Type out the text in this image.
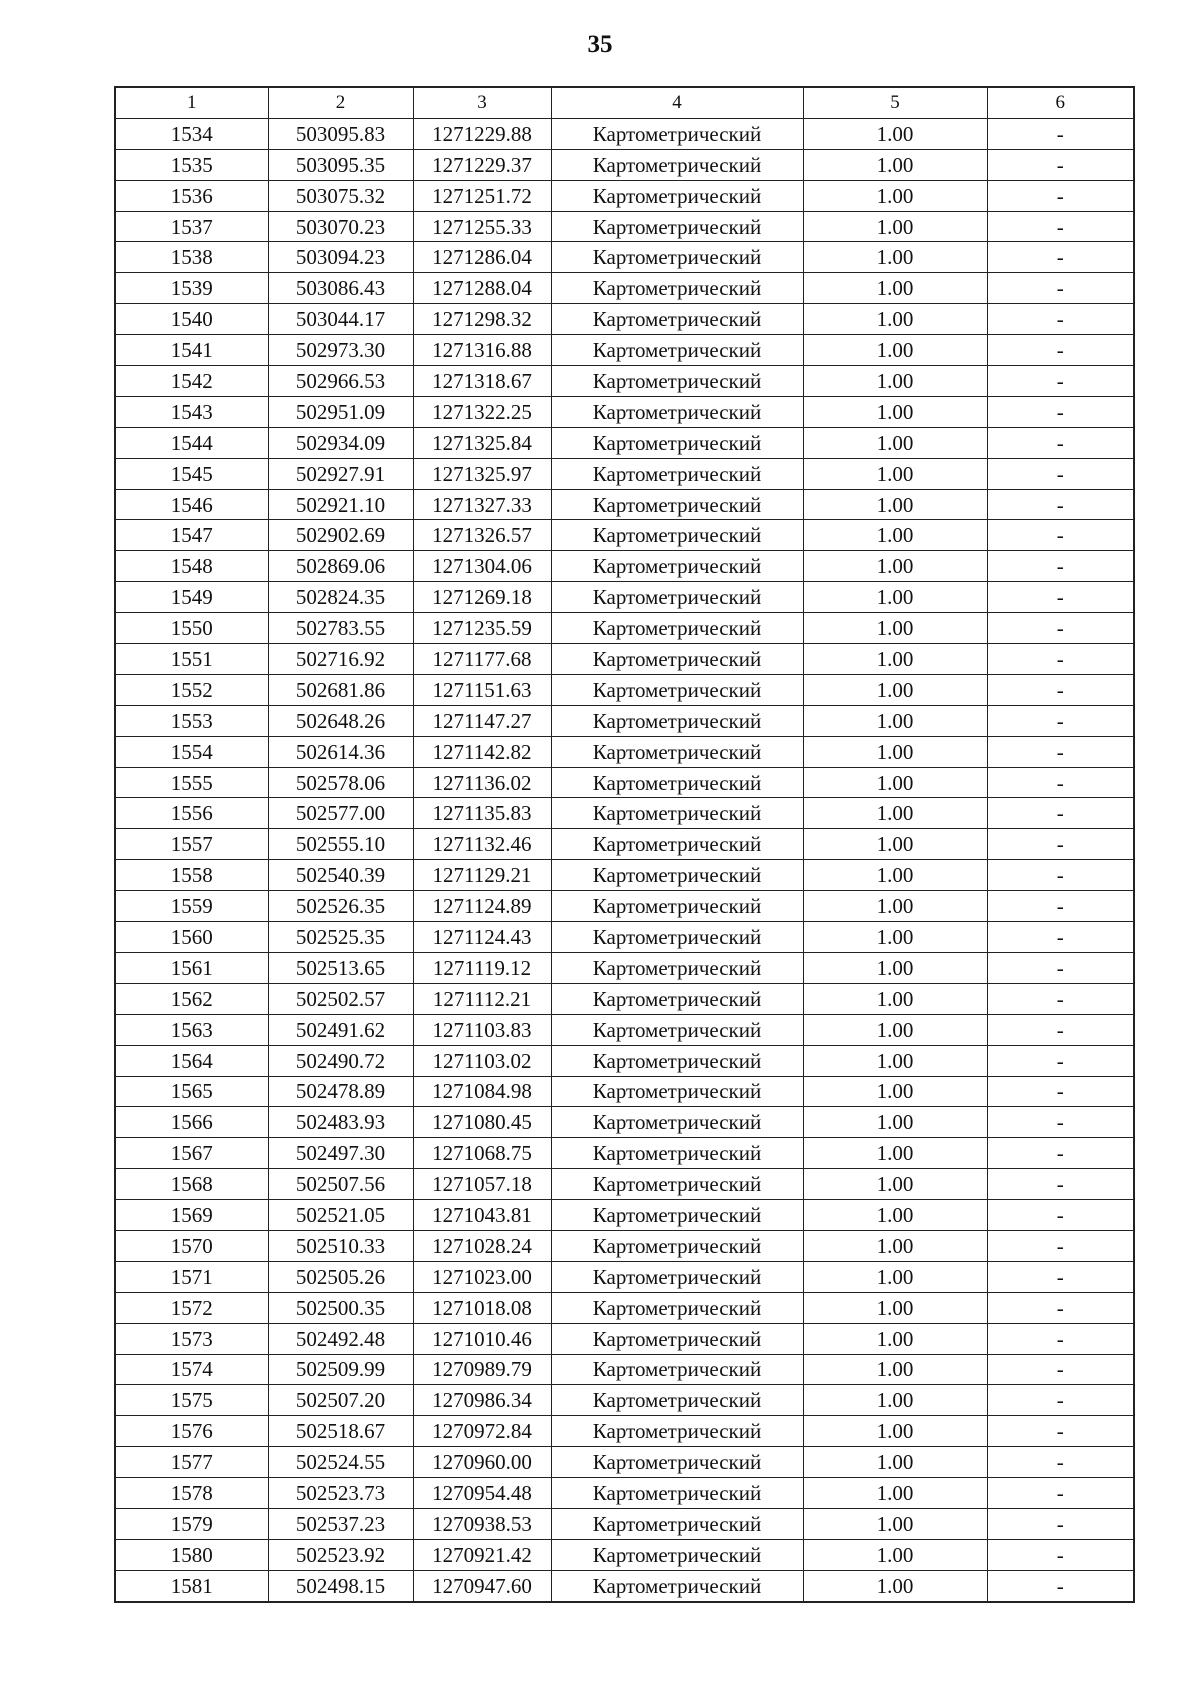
35
1	2	3	4	5	6
1534	503095.83	1271229.88	Картометрический	1.00	-
1535	503095.35	1271229.37	Картометрический	1.00	-
1536	503075.32	1271251.72	Картометрический	1.00	-
1537	503070.23	1271255.33	Картометрический	1.00	-
1538	503094.23	1271286.04	Картометрический	1.00	-
1539	503086.43	1271288.04	Картометрический	1.00	-
1540	503044.17	1271298.32	Картометрический	1.00	-
1541	502973.30	1271316.88	Картометрический	1.00	-
1542	502966.53	1271318.67	Картометрический	1.00	-
1543	502951.09	1271322.25	Картометрический	1.00	-
1544	502934.09	1271325.84	Картометрический	1.00	-
1545	502927.91	1271325.97	Картометрический	1.00	-
1546	502921.10	1271327.33	Картометрический	1.00	-
1547	502902.69	1271326.57	Картометрический	1.00	-
1548	502869.06	1271304.06	Картометрический	1.00	-
1549	502824.35	1271269.18	Картометрический	1.00	-
1550	502783.55	1271235.59	Картометрический	1.00	-
1551	502716.92	1271177.68	Картометрический	1.00	-
1552	502681.86	1271151.63	Картометрический	1.00	-
1553	502648.26	1271147.27	Картометрический	1.00	-
1554	502614.36	1271142.82	Картометрический	1.00	-
1555	502578.06	1271136.02	Картометрический	1.00	-
1556	502577.00	1271135.83	Картометрический	1.00	-
1557	502555.10	1271132.46	Картометрический	1.00	-
1558	502540.39	1271129.21	Картометрический	1.00	-
1559	502526.35	1271124.89	Картометрический	1.00	-
1560	502525.35	1271124.43	Картометрический	1.00	-
1561	502513.65	1271119.12	Картометрический	1.00	-
1562	502502.57	1271112.21	Картометрический	1.00	-
1563	502491.62	1271103.83	Картометрический	1.00	-
1564	502490.72	1271103.02	Картометрический	1.00	-
1565	502478.89	1271084.98	Картометрический	1.00	-
1566	502483.93	1271080.45	Картометрический	1.00	-
1567	502497.30	1271068.75	Картометрический	1.00	-
1568	502507.56	1271057.18	Картометрический	1.00	-
1569	502521.05	1271043.81	Картометрический	1.00	-
1570	502510.33	1271028.24	Картометрический	1.00	-
1571	502505.26	1271023.00	Картометрический	1.00	-
1572	502500.35	1271018.08	Картометрический	1.00	-
1573	502492.48	1271010.46	Картометрический	1.00	-
1574	502509.99	1270989.79	Картометрический	1.00	-
1575	502507.20	1270986.34	Картометрический	1.00	-
1576	502518.67	1270972.84	Картометрический	1.00	-
1577	502524.55	1270960.00	Картометрический	1.00	-
1578	502523.73	1270954.48	Картометрический	1.00	-
1579	502537.23	1270938.53	Картометрический	1.00	-
1580	502523.92	1270921.42	Картометрический	1.00	-
1581	502498.15	1270947.60	Картометрический	1.00	-
